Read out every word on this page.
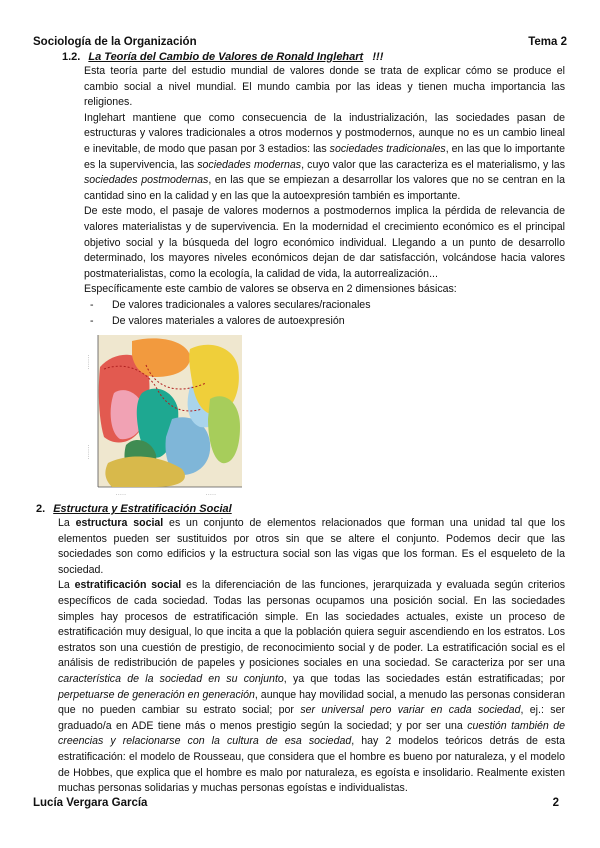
Sociología de la Organización	Tema 2
1.2. La Teoría del Cambio de Valores de Ronald Inglehart !!!

Esta teoría parte del estudio mundial de valores donde se trata de explicar cómo se produce el cambio social a nivel mundial. El mundo cambia por las ideas y tienen mucha importancia las religiones.

Inglehart mantiene que como consecuencia de la industrialización, las sociedades pasan de estructuras y valores tradicionales a otros modernos y postmodernos, aunque no es un cambio lineal e inevitable, de modo que pasan por 3 estadios: las sociedades tradicionales, en las que lo importante es la supervivencia, las sociedades modernas, cuyo valor que las caracteriza es el materialismo, y las sociedades postmodernas, en las que se empiezan a desarrollar los valores que no se centran en la cantidad sino en la calidad y en las que la autoexpresión también es importante.

De este modo, el pasaje de valores modernos a postmodernos implica la pérdida de relevancia de valores materialistas y de supervivencia. En la modernidad el crecimiento económico es el principal objetivo social y la búsqueda del logro económico individual. Llegando a un punto de desarrollo determinado, los mayores niveles económicos dejan de dar satisfacción, volcándose hacia valores postmaterialistas, como la ecología, la calidad de vida, la autorrealización...

Específicamente este cambio de valores se observa en 2 dimensiones básicas:

-	De valores tradicionales a valores seculares/racionales
-	De valores materiales a valores de autoexpresión
- - - - - - -
- - - - - - -
- - - - -	- - - - -
2. Estructura y Estratificación Social

La estructura social es un conjunto de elementos relacionados que forman una unidad tal que los elementos pueden ser sustituidos por otros sin que se altere el conjunto. Podemos decir que las sociedades son como edificios y la estructura social son las vigas que los forman. Es el esqueleto de la sociedad.

La estratificación social es la diferenciación de las funciones, jerarquizada y evaluada según criterios específicos de cada sociedad. Todas las personas ocupamos una posición social. En las sociedades simples hay procesos de estratificación simple. En las sociedades actuales, existe un proceso de estratificación muy desigual, lo que incita a que la población quiera seguir ascendiendo en los estratos. Los estratos son una cuestión de prestigio, de reconocimiento social y de poder. La estratificación social es el análisis de redistribución de papeles y posiciones sociales en una sociedad. Se caracteriza por ser una característica de la sociedad en su conjunto, ya que todas las sociedades están estratificadas; por perpetuarse de generación en generación, aunque hay movilidad social, a menudo las personas consideran que no pueden cambiar su estrato social; por ser universal pero variar en cada sociedad, ej.: ser graduado/a en ADE tiene más o menos prestigio según la sociedad; y por ser una cuestión también de creencias y relacionarse con la cultura de esa sociedad, hay 2 modelos teóricos detrás de esta estratificación: el modelo de Rousseau, que considera que el hombre es bueno por naturaleza, y el modelo de Hobbes, que explica que el hombre es malo por naturaleza, es egoísta e insolidario. Realmente existen muchas personas solidarias y muchas personas egoístas e individualistas.

Lucía Vergara García	2
